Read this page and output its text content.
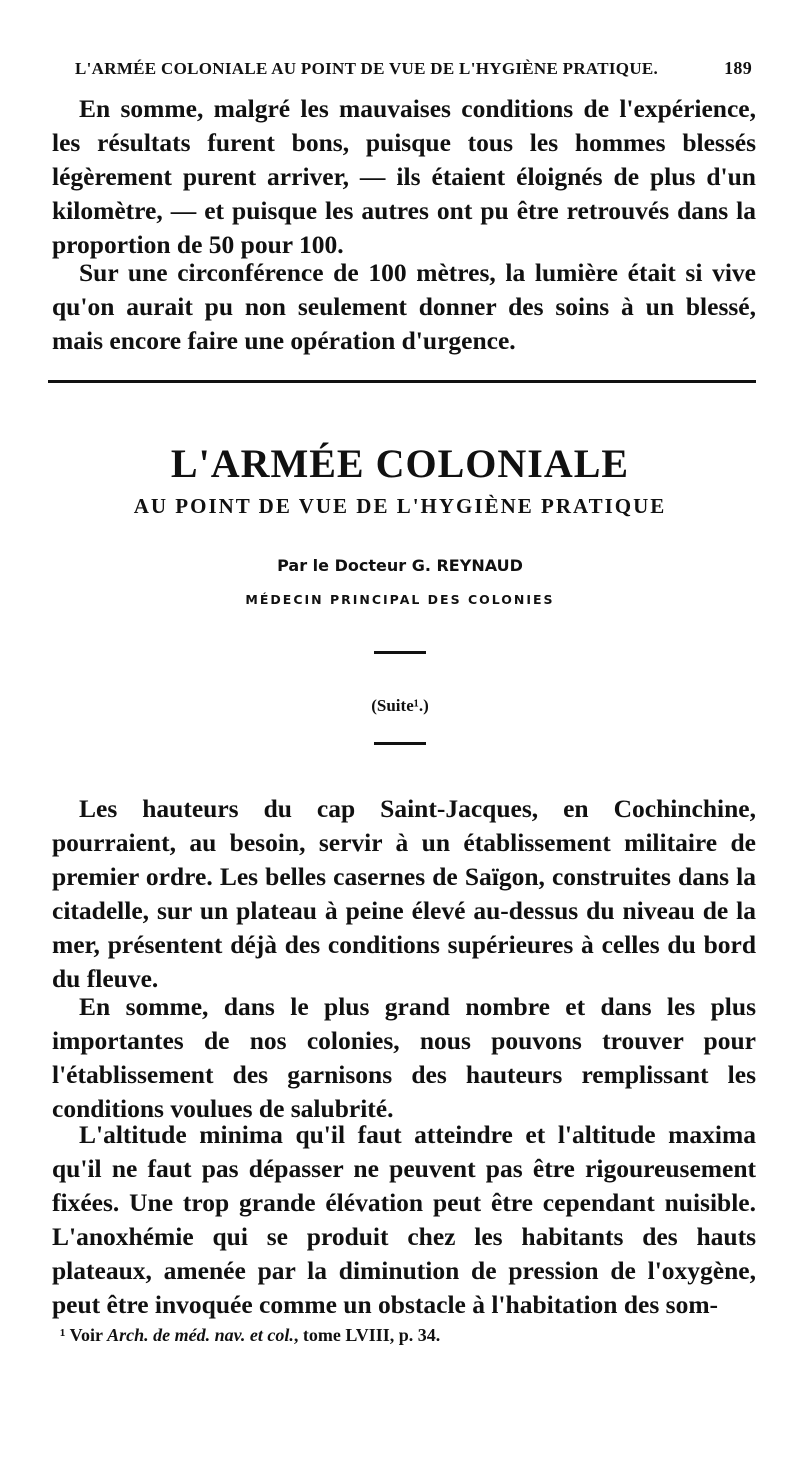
L'ARMÉE COLONIALE AU POINT DE VUE DE L'HYGIÈNE PRATIQUE.	189

En somme, malgré les mauvaises conditions de l'expérience, les résultats furent bons, puisque tous les hommes blessés légèrement purent arriver, — ils étaient éloignés de plus d'un kilomètre, — et puisque les autres ont pu être retrouvés dans la proportion de 50 pour 100.

Sur une circonférence de 100 mètres, la lumière était si vive qu'on aurait pu non seulement donner des soins à un blessé, mais encore faire une opération d'urgence.

L'ARMÉE COLONIALE
AU POINT DE VUE DE L'HYGIÈNE PRATIQUE
Par le Docteur G. REYNAUD
MÉDECIN PRINCIPAL DES COLONIES
(Suite¹.)

Les hauteurs du cap Saint-Jacques, en Cochinchine, pourraient, au besoin, servir à un établissement militaire de premier ordre. Les belles casernes de Saïgon, construites dans la citadelle, sur un plateau à peine élevé au-dessus du niveau de la mer, présentent déjà des conditions supérieures à celles du bord du fleuve.

En somme, dans le plus grand nombre et dans les plus importantes de nos colonies, nous pouvons trouver pour l'établissement des garnisons des hauteurs remplissant les conditions voulues de salubrité.

L'altitude minima qu'il faut atteindre et l'altitude maxima qu'il ne faut pas dépasser ne peuvent pas être rigoureusement fixées. Une trop grande élévation peut être cependant nuisible. L'anoxhémie qui se produit chez les habitants des hauts plateaux, amenée par la diminution de pression de l'oxygène, peut être invoquée comme un obstacle à l'habitation des som-

¹ Voir Arch. de méd. nav. et col., tome LVIII, p. 34.
